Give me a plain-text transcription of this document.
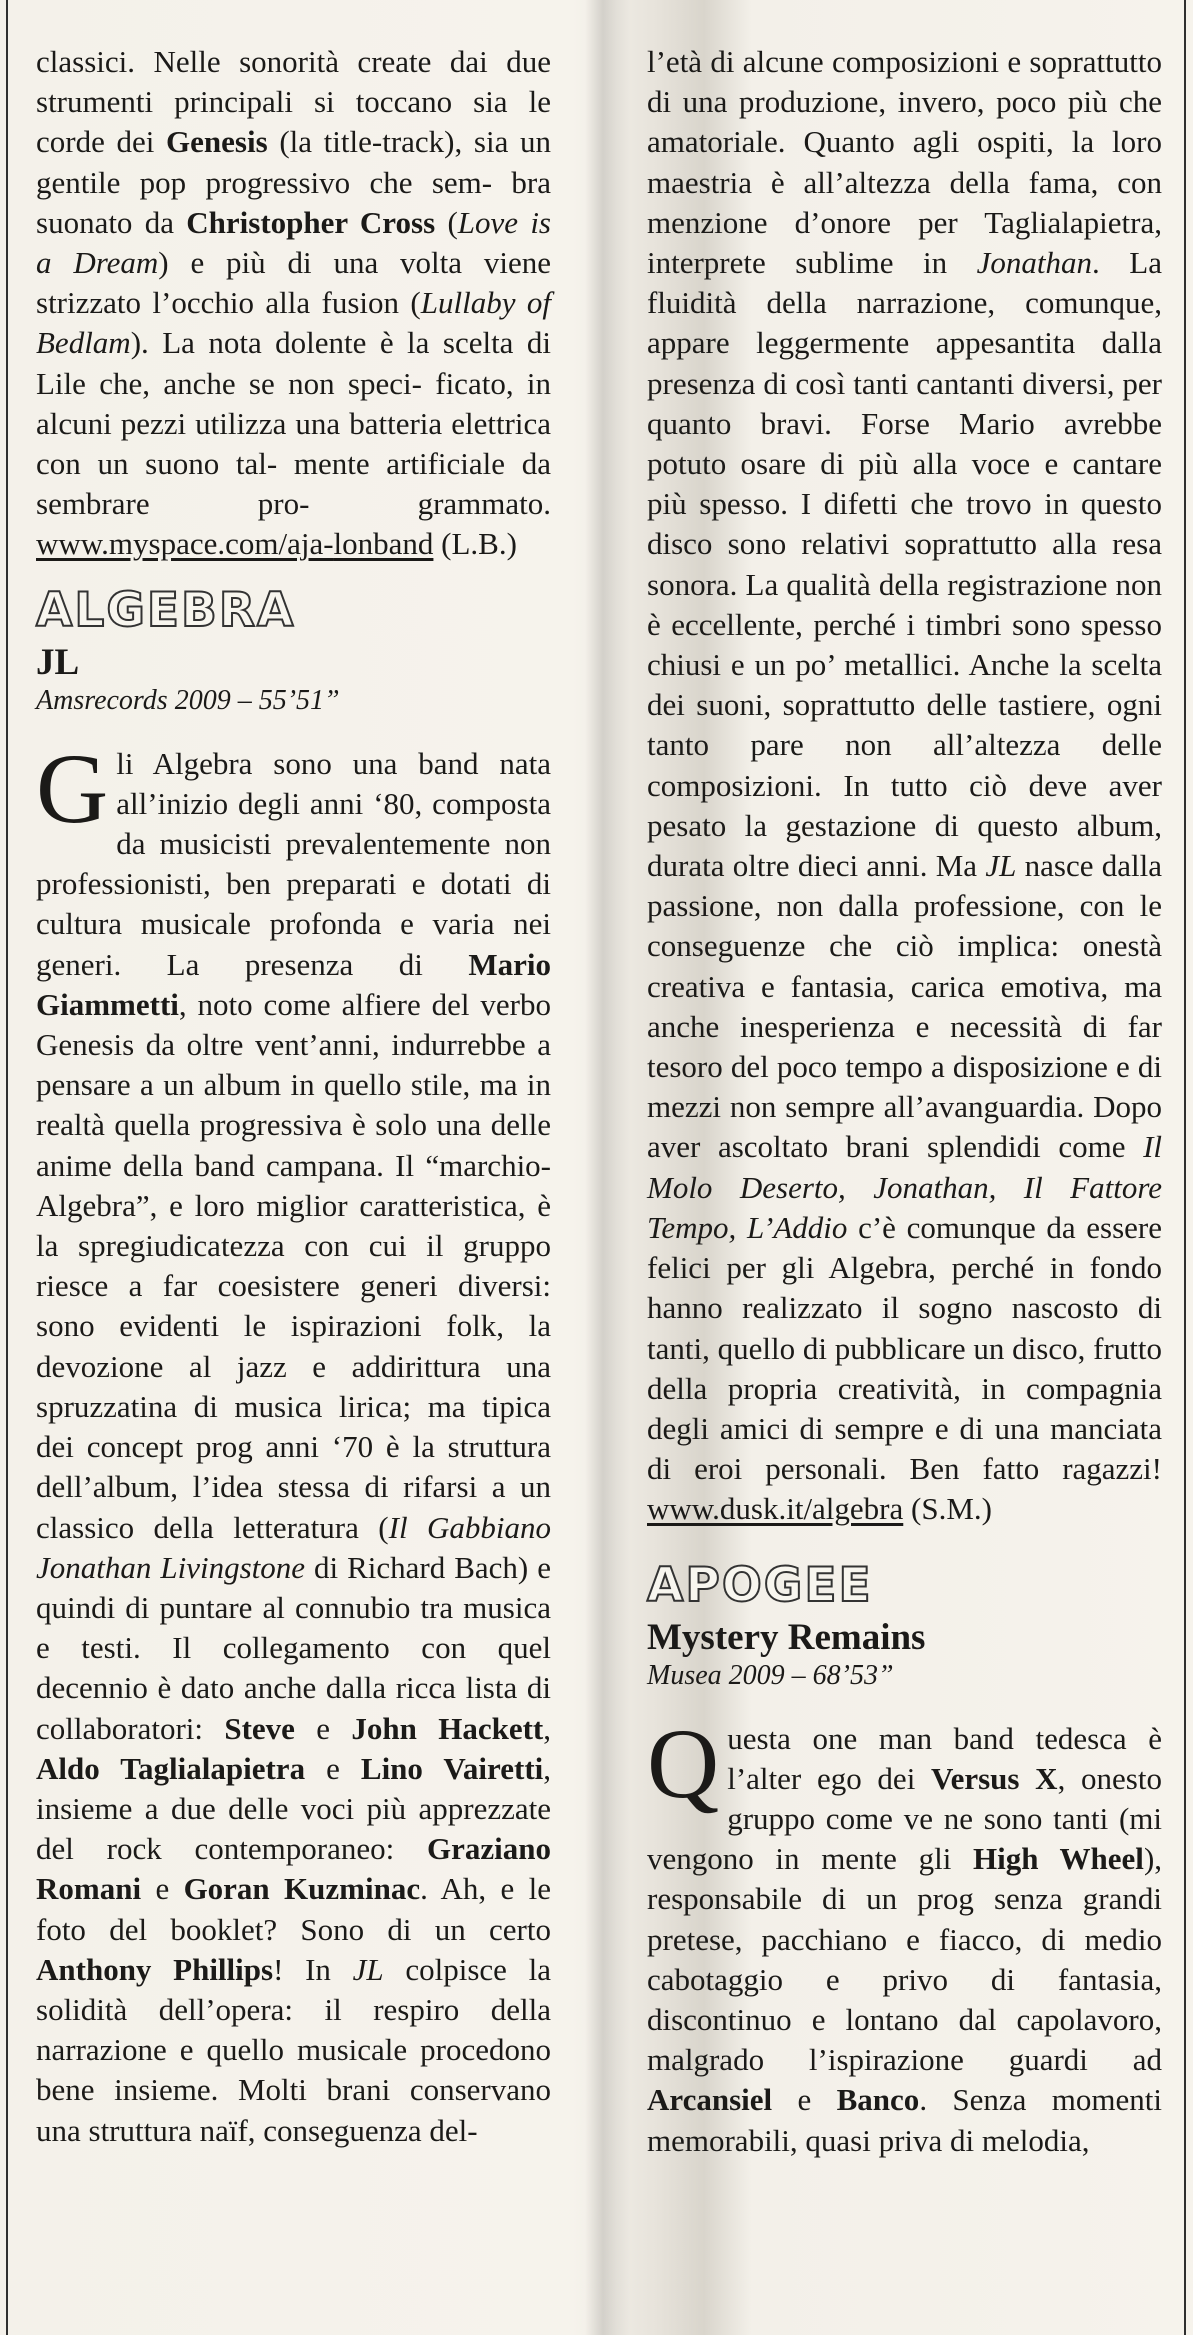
classici. Nelle sonorità create dai due strumenti principali si toccano sia le corde dei Genesis (la title-track), sia un gentile pop progressivo che sem- bra suonato da Christopher Cross (Love is a Dream) e più di una volta viene strizzato l’occhio alla fusion (Lullaby of Bedlam). La nota dolente è la scelta di Lile che, anche se non speci- ficato, in alcuni pezzi utilizza una batteria elettrica con un suono tal- mente artificiale da sembrare pro-	grammato. www.myspace.com/aja-lonband (L.B.)

ALGEBRA
JL
Amsrecords 2009 – 55’51”

G li Algebra sono una band nata all’inizio degli anni ‘80, composta da musicisti prevalentemente non professionisti, ben preparati e dotati di cultura musicale profonda e varia nei generi. La presenza di Mario Giammetti, noto come alfiere del verbo Genesis da oltre vent’anni, indurrebbe a pensare a un album in quello stile, ma in realtà quella progressiva è solo una delle anime della band campana. Il “marchio-Algebra”, e loro miglior caratteristica, è la spregiudicatezza con cui il gruppo riesce a far coesistere generi diversi: sono evidenti le ispirazioni folk, la devozione al jazz e addirittura una spruzzatina di musica lirica; ma tipica dei concept prog anni ‘70 è la struttura dell’album, l’idea stessa di rifarsi a un classico della letteratura (Il Gabbiano Jonathan Livingstone di Richard Bach) e quindi di puntare al connubio tra musica e testi. Il collegamento con quel decennio è dato anche dalla ricca lista di collaboratori: Steve e John Hackett, Aldo Taglialapietra e Lino Vairetti, insieme a due delle voci più apprezzate del rock contemporaneo: Graziano Romani e Goran Kuzminac. Ah, e le foto del booklet? Sono di un certo Anthony Phillips! In JL colpisce la solidità dell’opera: il respiro della narrazione e quello musicale procedono bene insieme. Molti brani conservano una struttura naïf, conseguenza del-

l’età di alcune composizioni e soprattutto di una produzione, invero, poco più che amatoriale. Quanto agli ospiti, la loro maestria è all’altezza della fama, con menzione d’onore per Taglialapietra, interprete sublime in Jonathan. La fluidità della narrazione, comunque, appare leggermente appesantita dalla presenza di così tanti cantanti diversi, per quanto bravi. Forse Mario avrebbe potuto osare di più alla voce e cantare più spesso. I difetti che trovo in questo disco sono relativi soprattutto alla resa sonora. La qualità della registrazione non è eccellente, perché i timbri sono spesso chiusi e un po’ metallici. Anche la scelta dei suoni, soprattutto delle tastiere, ogni tanto pare non all’altezza delle composizioni. In tutto ciò deve aver pesato la gestazione di questo album, durata oltre dieci anni. Ma JL nasce dalla passione, non dalla professione, con le conseguenze che ciò implica: onestà creativa e fantasia, carica emotiva, ma anche inesperienza e necessità di far tesoro del poco tempo a disposizione e di mezzi non sempre all’avanguardia. Dopo aver ascoltato brani splendidi come Il Molo Deserto, Jonathan, Il Fattore Tempo, L’Addio c’è comunque da essere felici per gli Algebra, perché in fondo hanno realizzato il sogno nascosto di tanti, quello di pubblicare un disco, frutto della propria creatività, in compagnia degli amici di sempre e di una manciata di eroi personali. Ben fatto ragazzi! www.dusk.it/algebra (S.M.)

APOGEE
Mystery Remains
Musea 2009 – 68’53”

Q uesta one man band tedesca è l’alter ego dei Versus X, onesto gruppo come ve ne sono tanti (mi vengono in mente gli High Wheel), responsabile di un prog senza grandi pretese, pacchiano e fiacco, di medio cabotaggio e privo di fantasia, discontinuo e lontano dal capolavoro, malgrado l’ispirazione guardi ad Arcansiel e Banco. Senza momenti memorabili, quasi priva di melodia,
